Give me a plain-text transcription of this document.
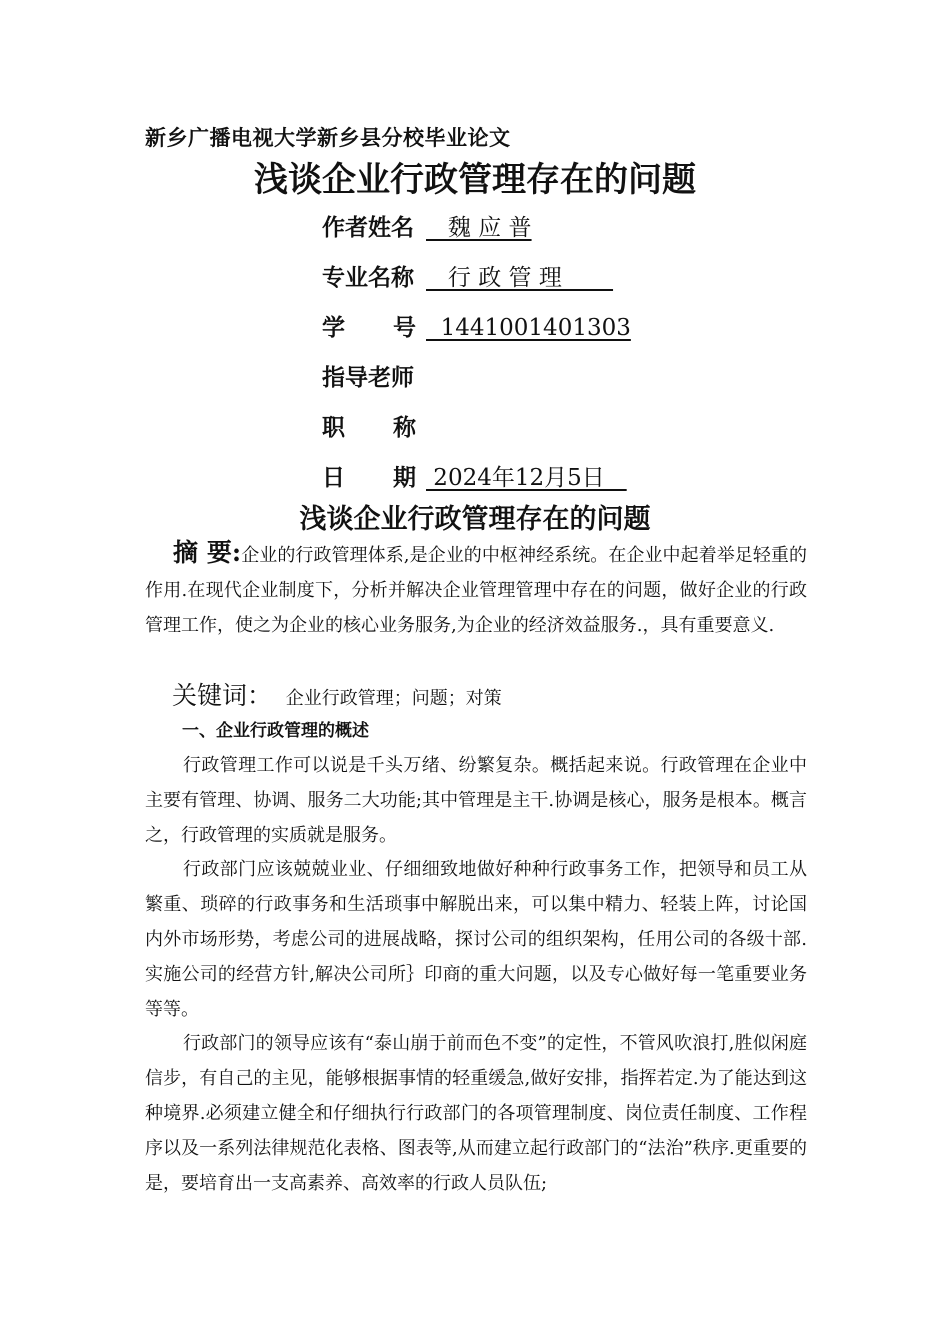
新乡广播电视大学新乡县分校毕业论文
浅谈企业行政管理存在的问题
作者姓名   魏 应 普
专业名称   行 政 管 理
学      号  1441001401303
指导老师
职      称
日      期 2024年12月5日
浅谈企业行政管理存在的问题

摘 要:企业的行政管理体系,是企业的中枢神经系统。在企业中起着举足轻重的作用.在现代企业制度下，分析并解决企业管理管理中存在的问题，做好企业的行政管理工作，使之为企业的核心业务服务,为企业的经济效益服务.，具有重要意义.

关键词： 企业行政管理；问题；对策
一、企业行政管理的概述

行政管理工作可以说是千头万绪、纷繁复杂。概括起来说。行政管理在企业中主要有管理、协调、服务二大功能;其中管理是主干.协调是核心，服务是根本。概言之，行政管理的实质就是服务。

行政部门应该兢兢业业、仔细细致地做好种种行政事务工作，把领导和员工从繁重、琐碎的行政事务和生活琐事中解脱出来，可以集中精力、轻装上阵，讨论国内外市场形势，考虑公司的进展战略，探讨公司的组织架构，任用公司的各级十部.实施公司的经营方针,解决公司所｝印商的重大问题，以及专心做好每一笔重要业务等等。

行政部门的领导应该有“泰山崩于前而色不变”的定性，不管风吹浪打,胜似闲庭信步，有自己的主见，能够根据事情的轻重缓急,做好安排，指挥若定.为了能达到这种境界.必须建立健全和仔细执行行政部门的各项管理制度、岗位责任制度、工作程序以及一系列法律规范化表格、图表等,从而建立起行政部门的“法治”秩序.更重要的是，要培育出一支高素养、高效率的行政人员队伍;
